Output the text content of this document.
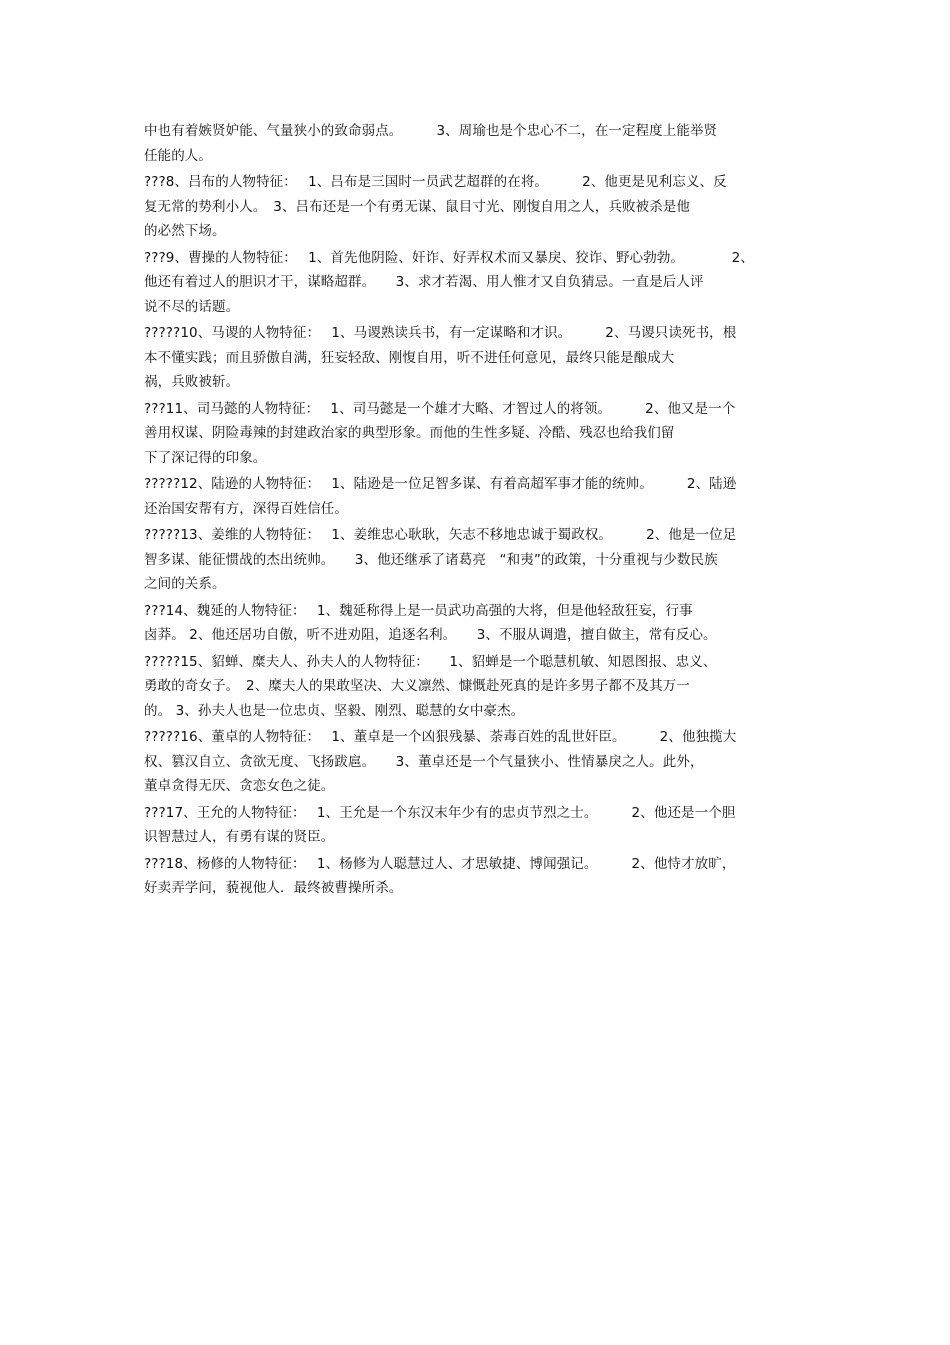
中也有着嫉贤妒能、气量狭小的致命弱点。　　　3、周瑜也是个忠心不二，在一定程度上能举贤
任能的人。
???8、吕布的人物特征：　 1、吕布是三国时一员武艺超群的在将。　　　2、他更是见利忘义、反
复无常的势利小人。　3、吕布还是一个有勇无谋、鼠目寸光、刚愎自用之人，兵败被杀是他
的必然下场。
???9、曹操的人物特征：　 1、首先他阴险、奸诈、好弄权术而又暴戾、狡诈、野心勃勃。　　　　2、
他还有着过人的胆识才干，谋略超群。　　3、求才若渴、用人惟才又自负猜忌。一直是后人评
说不尽的话题。
?????10、马谡的人物特征：　 1、马谡熟读兵书，有一定谋略和才识。　　　2、马谡只读死书，根
本不懂实践；而且骄傲自满，狂妄轻敌、刚愎自用，听不进任何意见，最终只能是酿成大
祸，兵败被斩。
???11、司马懿的人物特征：　 1、司马懿是一个雄才大略、才智过人的将领。　　　2、他又是一个
善用权谋、阴险毒辣的封建政治家的典型形象。而他的生性多疑、冷酷、残忍也给我们留
下了深记得的印象。
?????12、陆逊的人物特征：　 1、陆逊是一位足智多谋、有着高超军事才能的统帅。　　　2、陆逊
还治国安帮有方，深得百姓信任。
?????13、姜维的人物特征：　 1、姜维忠心耿耿，矢志不移地忠诚于蜀政权。　　　2、他是一位足
智多谋、能征惯战的杰出统帅。　　3、他还继承了诸葛亮　“和夷”的政策，十分重视与少数民族
之间的关系。
???14、魏延的人物特征：　 1、魏延称得上是一员武功高强的大将，但是他轻敌狂妄，行事
卤莽。 2、他还居功自傲，听不进劝阻，追逐名利。　　3、不服从调遣，擅自做主，常有反心。
?????15、貂蝉、糜夫人、孙夫人的人物特征：　　1、貂蝉是一个聪慧机敏、知恩图报、忠义、
勇敢的奇女子。　2、糜夫人的果敢坚决、大义凛然、慷慨赴死真的是许多男子都不及其万一
的。 3、孙夫人也是一位忠贞、坚毅、刚烈、聪慧的女中豪杰。
?????16、董卓的人物特征：　 1、董卓是一个凶狠残暴、荼毒百姓的乱世奸臣。　　　2、他独揽大
权、篡汉自立、贪欲无度、飞扬跋扈。　　3、董卓还是一个气量狭小、性情暴戾之人。此外，
董卓贪得无厌、贪恋女色之徒。
???17、王允的人物特征：　 1、王允是一个东汉末年少有的忠贞节烈之士。　　　2、他还是一个胆
识智慧过人，有勇有谋的贤臣。
???18、杨修的人物特征：　 1、杨修为人聪慧过人、才思敏捷、博闻强记。　　　2、他恃才放旷，
好卖弄学问，藐视他人．最终被曹操所杀。
